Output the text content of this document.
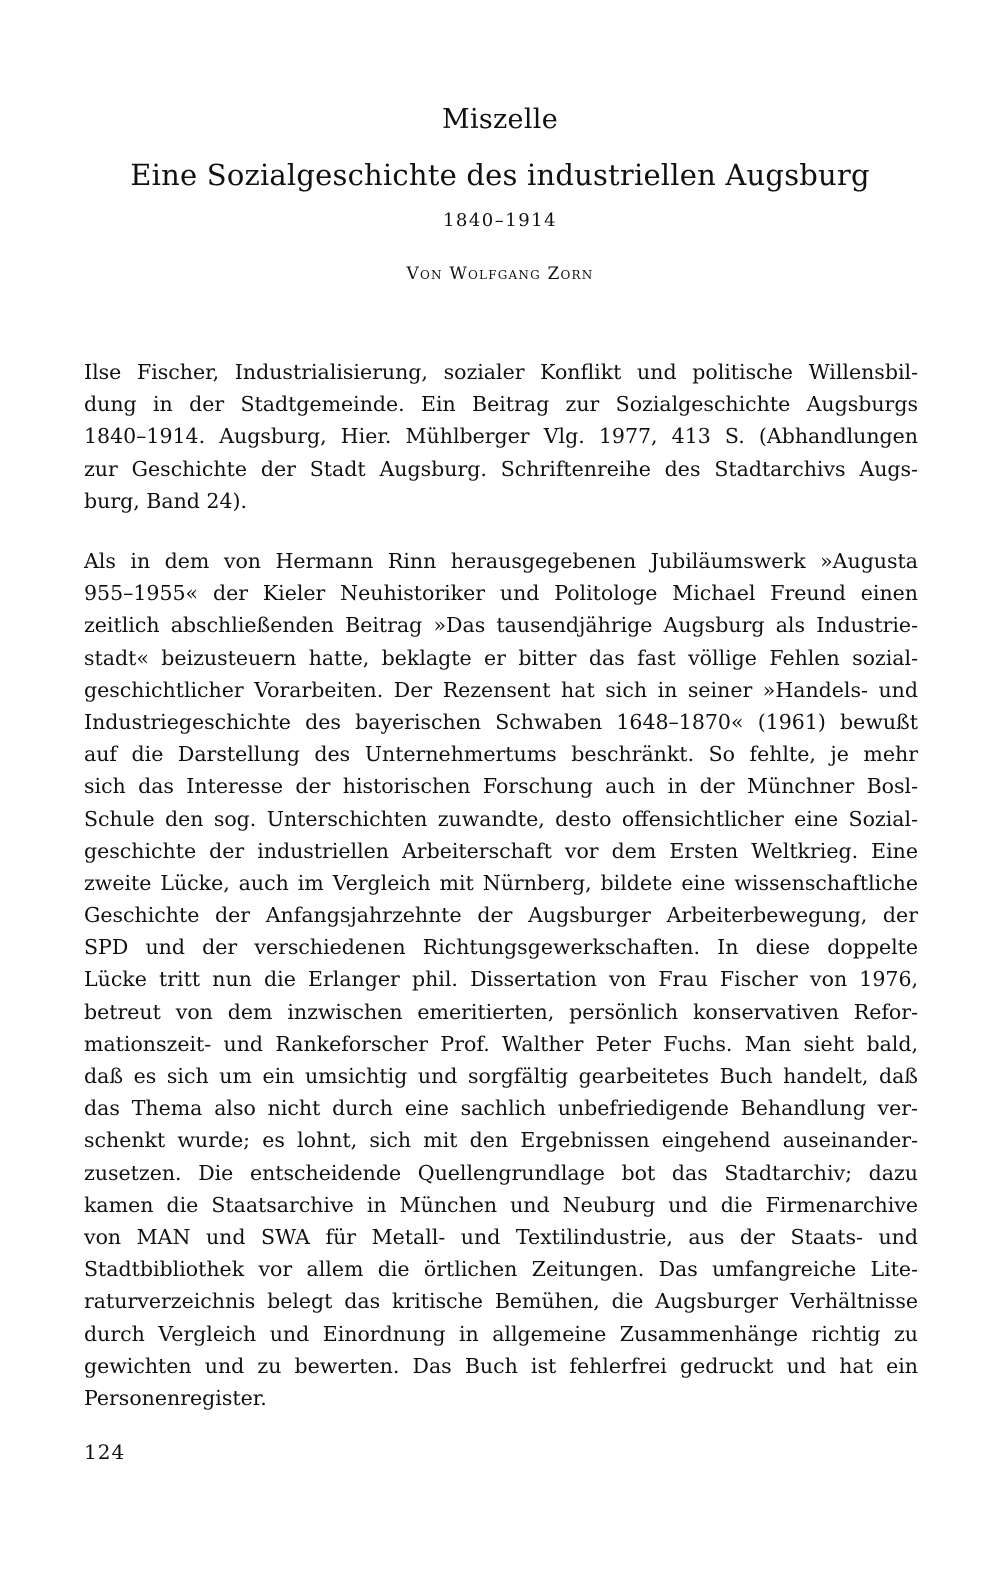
Miszelle
Eine Sozialgeschichte des industriellen Augsburg
1840–1914
Von Wolfgang Zorn
Ilse Fischer, Industrialisierung, sozialer Konflikt und politische Willensbil-
dung in der Stadtgemeinde. Ein Beitrag zur Sozialgeschichte Augsburgs
1840–1914. Augsburg, Hier. Mühlberger Vlg. 1977, 413 S. (Abhandlungen
zur Geschichte der Stadt Augsburg. Schriftenreihe des Stadtarchivs Augs-
burg, Band 24).
Als in dem von Hermann Rinn herausgegebenen Jubiläumswerk »Augusta
955–1955« der Kieler Neuhistoriker und Politologe Michael Freund einen
zeitlich abschließenden Beitrag »Das tausendjährige Augsburg als Industrie-
stadt« beizusteuern hatte, beklagte er bitter das fast völlige Fehlen sozial-
geschichtlicher Vorarbeiten. Der Rezensent hat sich in seiner »Handels- und
Industriegeschichte des bayerischen Schwaben 1648–1870« (1961) bewußt
auf die Darstellung des Unternehmertums beschränkt. So fehlte, je mehr
sich das Interesse der historischen Forschung auch in der Münchner Bosl-
Schule den sog. Unterschichten zuwandte, desto offensichtlicher eine Sozial-
geschichte der industriellen Arbeiterschaft vor dem Ersten Weltkrieg. Eine
zweite Lücke, auch im Vergleich mit Nürnberg, bildete eine wissenschaftliche
Geschichte der Anfangsjahrzehnte der Augsburger Arbeiterbewegung, der
SPD und der verschiedenen Richtungsgewerkschaften. In diese doppelte
Lücke tritt nun die Erlanger phil. Dissertation von Frau Fischer von 1976,
betreut von dem inzwischen emeritierten, persönlich konservativen Refor-
mationszeit- und Rankeforscher Prof. Walther Peter Fuchs. Man sieht bald,
daß es sich um ein umsichtig und sorgfältig gearbeitetes Buch handelt, daß
das Thema also nicht durch eine sachlich unbefriedigende Behandlung ver-
schenkt wurde; es lohnt, sich mit den Ergebnissen eingehend auseinander-
zusetzen. Die entscheidende Quellengrundlage bot das Stadtarchiv; dazu
kamen die Staatsarchive in München und Neuburg und die Firmenarchive
von MAN und SWA für Metall- und Textilindustrie, aus der Staats- und
Stadtbibliothek vor allem die örtlichen Zeitungen. Das umfangreiche Lite-
raturverzeichnis belegt das kritische Bemühen, die Augsburger Verhältnisse
durch Vergleich und Einordnung in allgemeine Zusammenhänge richtig zu
gewichten und zu bewerten. Das Buch ist fehlerfrei gedruckt und hat ein
Personenregister.
124
